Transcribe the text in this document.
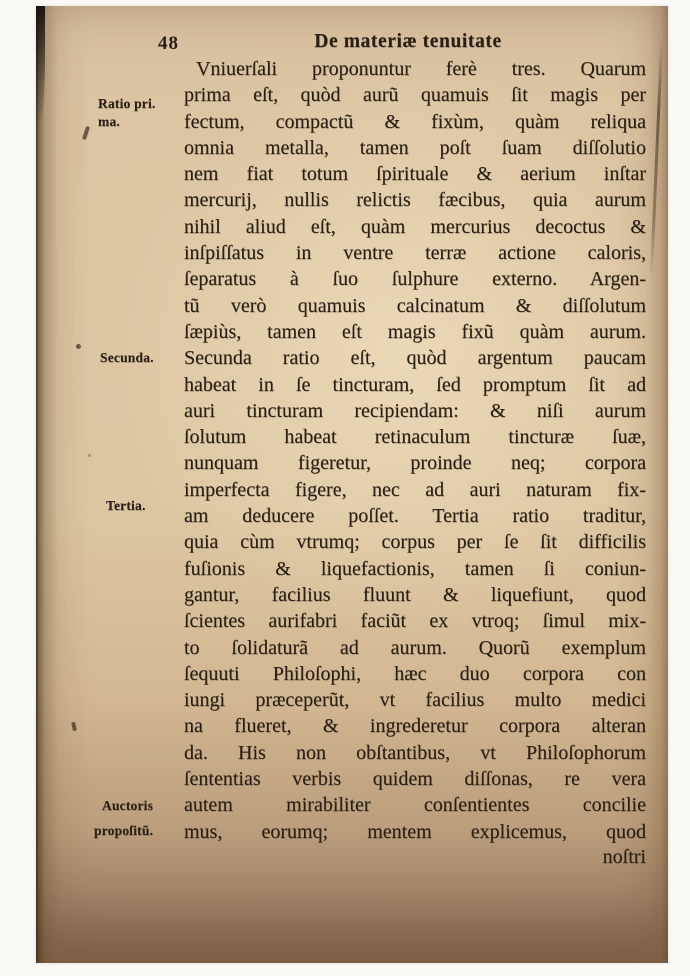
48	De materiæ tenuitate
Ratio pri.
ma.
Secunda.
Tertia.
Auctoris
propoſitũ.
Vniuerſali proponuntur ferè tres. Quarum
prima eſt, quòd aurũ quamuis ſit magis per
fectum, compactũ & fixùm, quàm reliqua
omnia metalla, tamen poſt ſuam diſſolutio
nem fiat totum ſpirituale & aerium inſtar
mercurij, nullis relictis fæcibus, quia aurum
nihil aliud eſt, quàm mercurius decoctus &
inſpiſſatus in ventre terræ actione caloris,
ſeparatus à ſuo ſulphure externo. Argen-
tũ verò quamuis calcinatum & diſſolutum
ſæpiùs, tamen eſt magis fixũ quàm aurum.
Secunda ratio eſt, quòd argentum paucam
habeat in ſe tincturam, ſed promptum ſit ad
auri tincturam recipiendam: & niſi aurum
ſolutum habeat retinaculum tincturæ ſuæ,
nunquam figeretur, proinde neq; corpora
imperfecta figere, nec ad auri naturam fix-
am deducere poſſet. Tertia ratio traditur,
quia cùm vtrumq; corpus per ſe ſit difficilis
fuſionis & liquefactionis, tamen ſi coniun-
gantur, facilius fluunt & liquefiunt, quod
ſcientes aurifabri faciũt ex vtroq; ſimul mix-
to ſolidaturã ad aurum. Quorũ exemplum
ſequuti Philoſophi, hæc duo corpora con
iungi præceperũt, vt facilius multo medici
na flueret, & ingrederetur corpora alteran
da. His non obſtantibus, vt Philoſophorum
ſententias verbis quidem diſſonas, re vera
autem mirabiliter conſentientes concilie
mus, eorumq; mentem explicemus, quod
noſtri
